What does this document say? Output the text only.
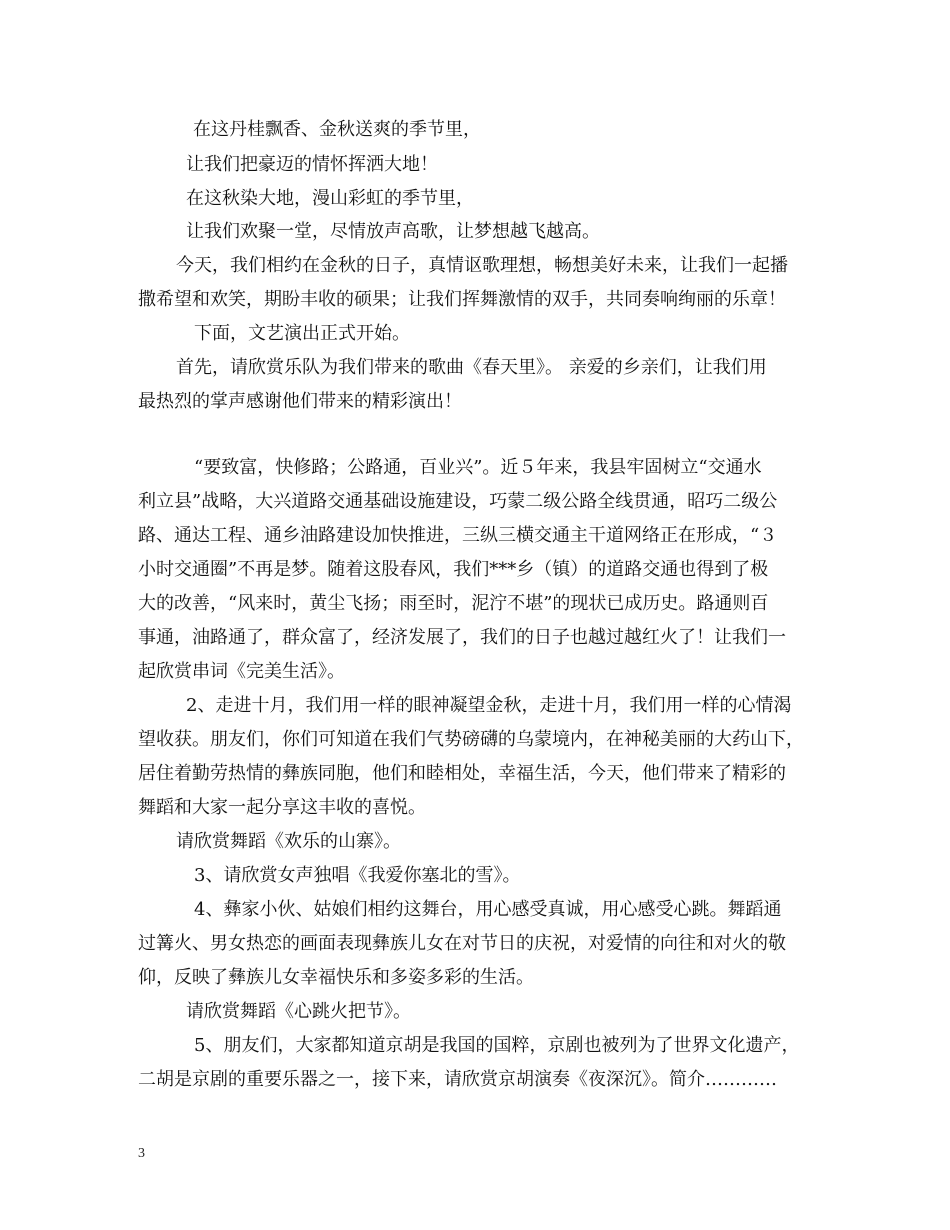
在这丹桂飘香、金秋送爽的季节里，
让我们把豪迈的情怀挥洒大地！
在这秋染大地，漫山彩虹的季节里，
让我们欢聚一堂，尽情放声高歌，让梦想越飞越高。
今天，我们相约在金秋的日子，真情讴歌理想，畅想美好未来，让我们一起播
撒希望和欢笑，期盼丰收的硕果；让我们挥舞激情的双手，共同奏响绚丽的乐章！
下面，文艺演出正式开始。
首先，请欣赏乐队为我们带来的歌曲《春天里》。 亲爱的乡亲们，让我们用
最热烈的掌声感谢他们带来的精彩演出！
“要致富，快修路；公路通，百业兴”。近５年来，我县牢固树立“交通水
利立县”战略，大兴道路交通基础设施建设，巧蒙二级公路全线贯通，昭巧二级公
路、通达工程、通乡油路建设加快推进，三纵三横交通主干道网络正在形成，“３
小时交通圈”不再是梦。随着这股春风，我们***乡（镇）的道路交通也得到了极
大的改善，“风来时，黄尘飞扬；雨至时，泥泞不堪”的现状已成历史。路通则百
事通，油路通了，群众富了，经济发展了，我们的日子也越过越红火了！让我们一
起欣赏串词《完美生活》。
2、走进十月，我们用一样的眼神凝望金秋，走进十月，我们用一样的心情渴
望收获。朋友们，你们可知道在我们气势磅礴的乌蒙境内，在神秘美丽的大药山下，
居住着勤劳热情的彝族同胞，他们和睦相处，幸福生活，今天，他们带来了精彩的
舞蹈和大家一起分享这丰收的喜悦。
请欣赏舞蹈《欢乐的山寨》。
3、请欣赏女声独唱《我爱你塞北的雪》。
4、彝家小伙、姑娘们相约这舞台，用心感受真诚，用心感受心跳。舞蹈通
过篝火、男女热恋的画面表现彝族儿女在对节日的庆祝，对爱情的向往和对火的敬
仰，反映了彝族儿女幸福快乐和多姿多彩的生活。
请欣赏舞蹈《心跳火把节》。
5、朋友们，大家都知道京胡是我国的国粹，京剧也被列为了世界文化遗产，
二胡是京剧的重要乐器之一，接下来，请欣赏京胡演奏《夜深沉》。简介…………
3
